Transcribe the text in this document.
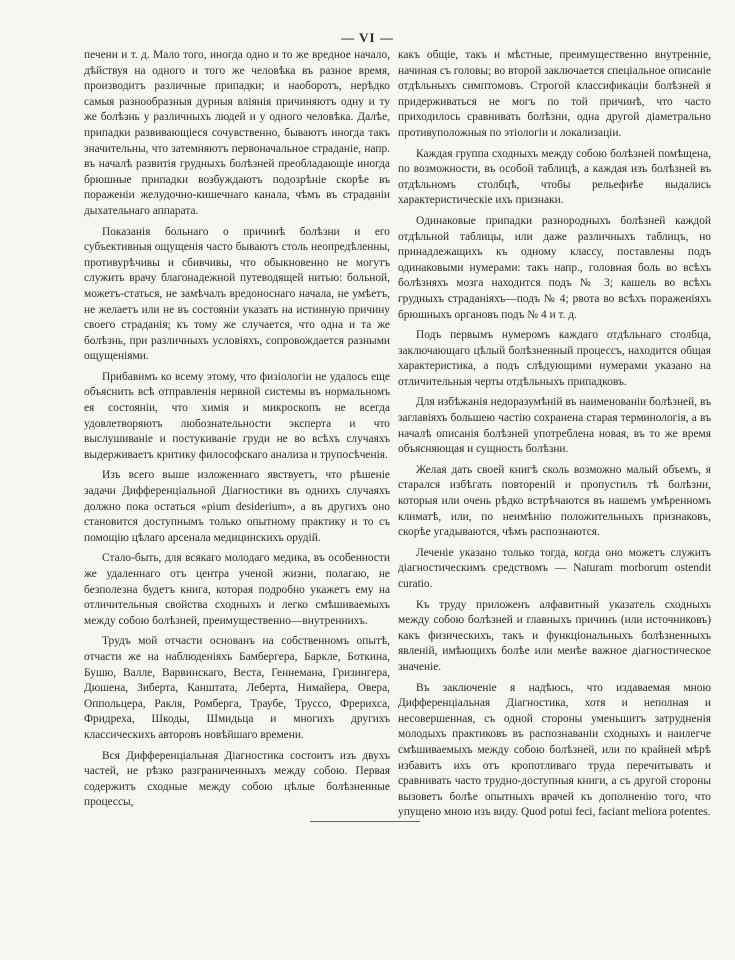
— VI —

печени и т. д. Мало того, иногда одно и то же вредное начало, дѣйствуя на одного и того же человѣка въ разное время, производитъ различные припадки; и наоборотъ, нерѣдко самыя разнообразныя дурныя вліянія причиняютъ одну и ту же болѣзнь у различныхъ людей и у одного человѣка. Далѣе, припадки развивающіеся сочувственно, бываютъ иногда такъ значительны, что затемняютъ первоначальное страданіе, напр. въ началѣ развитія грудныхъ болѣзней преобладающіе иногда брюшные припадки возбуждаютъ подозрѣніе скорѣе въ пораженіи желудочно-кишечнаго канала, чѣмъ въ страданіи дыхательнаго аппарата.

Показанія больнаго о причинѣ болѣзни и его субъективныя ощущенія часто бываютъ столь неопредѣленны, противурѣчивы и сбивчивы, что обыкновенно не могутъ служить врачу благонадежной путеводящей нитью: больной, можетъ-статься, не замѣчалъ вредоноснаго начала, не умѣетъ, не желаетъ или не въ состояніи указать на истинную причину своего страданія; къ тому же случается, что одна и та же болѣзнь, при различныхъ условіяхъ, сопровождается разными ощущеніями.

Прибавимъ ко всему этому, что физіологіи не удалось еще объяснить всѣ отправленія нервной системы въ нормальномъ ея состояніи, что химія и микроскопъ не всегда удовлетворяютъ любознательности эксперта и что выслушиваніе и постукиваніе груди не во всѣхъ случаяхъ выдерживаетъ критику философскаго анализа и трупосѣченія.

Изъ всего выше изложеннаго явствуетъ, что рѣшеніе задачи Дифференціальной Діагностики въ однихъ случаяхъ должно пока остаться «pium desiderium», а въ другихъ оно становится доступнымъ только опытному практику и то съ помощію цѣлаго арсенала медицинскихъ орудій.

Стало-быть, для всякаго молодаго медика, въ особенности же удаленнаго отъ центра ученой жизни, полагаю, не безполезна будетъ книга, которая подробно укажетъ ему на отличительныя свойства сходныхъ и легко смѣшиваемыхъ между собою болѣзней, преимущественно—внутреннихъ.

Трудъ мой отчасти основанъ на собственномъ опытѣ, отчасти же на наблюденіяхъ Бамбергера, Баркле, Боткина, Бушю, Валле, Варвинскаго, Веста, Геннемана, Гризингера, Дюшена, Зиберта, Канштата, Леберта, Нимайера, Овера, Оппольцера, Ракля, Ромберга, Траубе, Труссо, Фрерихса, Фридреха, Шкоды, Шмидьца и многихъ другихъ классическихъ авторовъ новѣйшаго времени.

Вся Дифференціальная Діагностика состоитъ изъ двухъ частей, не рѣзко разграниченныхъ между собою. Первая содержитъ сходные между собою цѣлые болѣзненные процессы,

какъ общіе, такъ и мѣстные, преимущественно внутренніе, начиная съ головы; во второй заключается спеціальное описаніе отдѣльныхъ симптомовъ. Строгой классификаціи болѣзней я придерживаться не могъ по той причинѣ, что часто приходилось сравнивать болѣзни, одна другой діаметрально противуположныя по этіологіи и локализаціи.

Каждая группа сходныхъ между собою болѣзней помѣщена, по возможности, въ особой таблицѣ, а каждая изъ болѣзней въ отдѣльномъ столбцѣ, чтобы рельефнѣе выдались характеристическіе ихъ признаки.

Одинаковые припадки разнородныхъ болѣзней каждой отдѣльной таблицы, или даже различныхъ таблицъ, но принадлежащихъ къ одному классу, поставлены подъ одинаковыми нумерами: такъ напр., головная боль во всѣхъ болѣзняхъ мозга находится подъ № 3; кашель во всѣхъ грудныхъ страданіяхъ—подъ № 4; рвота во всѣхъ пораженіяхъ брюшныхъ органовъ подъ № 4 и т. д.

Подъ первымъ нумеромъ каждаго отдѣльнаго столбца, заключающаго цѣлый болѣзненный процессъ, находится общая характеристика, а подъ слѣдующими нумерами указано на отличительныя черты отдѣльныхъ припадковъ.

Для избѣжанія недоразумѣній въ наименованіи болѣзней, въ заглавіяхъ большею частію сохранена старая терминологія, а въ началѣ описанія болѣзней употреблена новая, въ то же время объясняющая и сущность болѣзни.

Желая дать своей книгѣ сколь возможно малый объемъ, я старался избѣгать повтореній и пропустилъ тѣ болѣзни, которыя или очень рѣдко встрѣчаются въ нашемъ умѣренномъ климатѣ, или, по неимѣнію положительныхъ признаковъ, скорѣе угадываются, чѣмъ распознаются.

Леченіе указано только тогда, когда оно можетъ служить діагностическимъ средствомъ — Naturam morborum ostendit curatio.

Къ труду приложенъ алфавитный указатель сходныхъ между собою болѣзней и главныхъ причинъ (или источниковъ) какъ физическихъ, такъ и функціональныхъ болѣзненныхъ явленій, имѣющихъ болѣе или менѣе важное діагностическое значеніе.

Въ заключеніе я надѣюсь, что издаваемая мною Дифференціальная Діагностика, хотя и неполная и несовершенная, съ одной стороны уменьшитъ затрудненія молодыхъ практиковъ въ распознаваніи сходныхъ и наилегче смѣшиваемыхъ между собою болѣзней, или по крайней мѣрѣ избавитъ ихъ отъ кропотливаго труда перечитывать и сравнивать часто трудно-доступныя книги, а съ другой стороны вызоветъ болѣе опытныхъ врачей къ дополненію того, что упущено мною изъ виду. Quod potui feci, faciant meliora potentes.
